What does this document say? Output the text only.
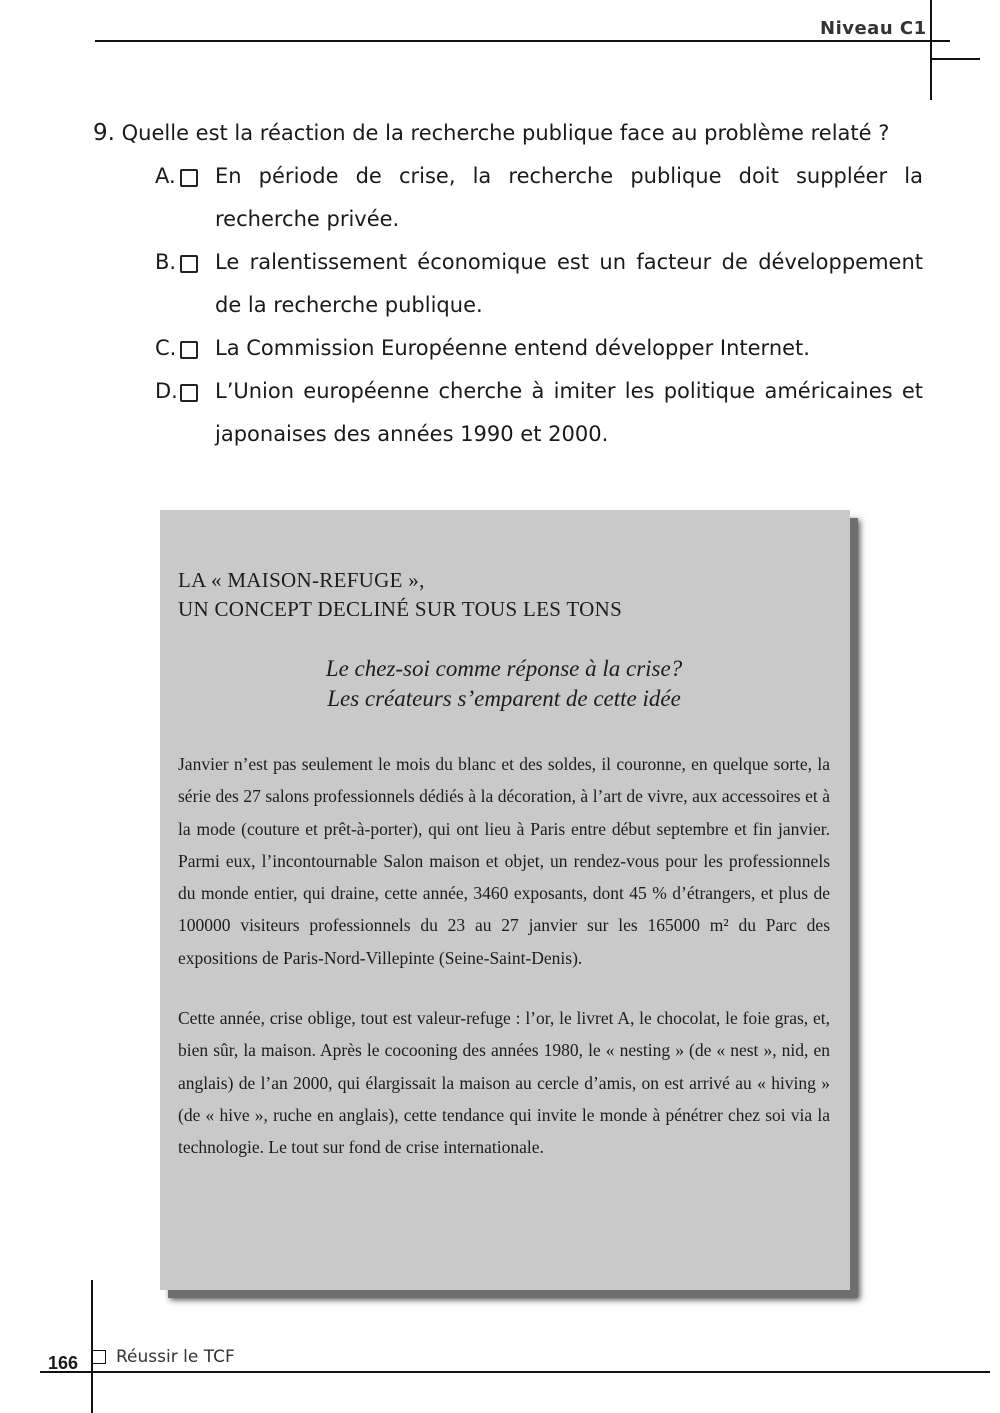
Niveau C1
9. Quelle est la réaction de la recherche publique face au problème relaté ?
A. En période de crise, la recherche publique doit suppléer la recherche privée.
B. Le ralentissement économique est un facteur de développement de la recherche publique.
C. La Commission Européenne entend développer Internet.
D. L’Union européenne cherche à imiter les politique américaines et japonaises des années 1990 et 2000.
LA « MAISON-REFUGE »,
UN CONCEPT DECLINÉ SUR TOUS LES TONS
Le chez-soi comme réponse à la crise?
Les créateurs s’emparent de cette idée
Janvier n’est pas seulement le mois du blanc et des soldes, il couronne, en quelque sorte, la série des 27 salons professionnels dédiés à la décoration, à l’art de vivre, aux accessoires et à la mode (couture et prêt-à-porter), qui ont lieu à Paris entre début septembre et fin janvier. Parmi eux, l’incontournable Salon maison et objet, un rendez-vous pour les professionnels du monde entier, qui draine, cette année, 3460 exposants, dont 45 % d’étrangers, et plus de 100000 visiteurs professionnels du 23 au 27 janvier sur les 165000 m² du Parc des expositions de Paris-Nord-Villepinte (Seine-Saint-Denis).
Cette année, crise oblige, tout est valeur-refuge : l’or, le livret A, le chocolat, le foie gras, et, bien sûr, la maison. Après le cocooning des années 1980, le « nesting » (de « nest », nid, en anglais) de l’an 2000, qui élargissait la maison au cercle d’amis, on est arrivé au « hiving » (de « hive », ruche en anglais), cette tendance qui invite le monde à pénétrer chez soi via la technologie. Le tout sur fond de crise internationale.
166 Réussir le TCF
